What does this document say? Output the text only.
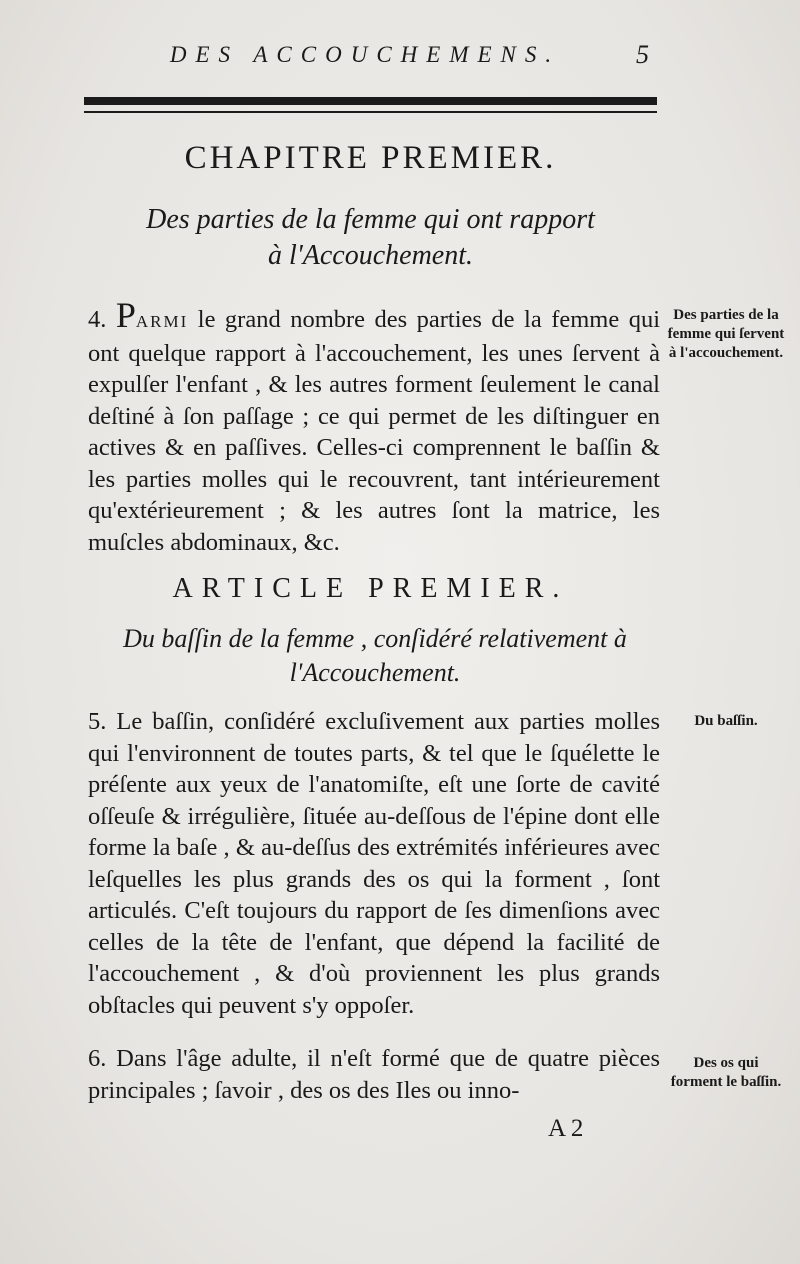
DES ACCOUCHEMENS.	5
CHAPITRE PREMIER.
Des parties de la femme qui ont rapport
à l'Accouchement.
4. PARMI le grand nombre des parties de la femme qui ont quelque rapport à l'accouchement, les unes ſervent à expulſer l'enfant , & les autres forment ſeulement le canal deſtiné à ſon paſſage ; ce qui permet de les diſtinguer en actives & en paſſives. Celles-ci comprennent le baſſin & les parties molles qui le recouvrent, tant intérieurement qu'extérieurement ; & les autres ſont la matrice, les muſcles abdominaux, &c.
ARTICLE PREMIER.
Du baſſin de la femme , conſidéré relativement à
l'Accouchement.
5. Le baſſin, conſidéré excluſivement aux parties molles qui l'environnent de toutes parts, & tel que le ſquélette le préſente aux yeux de l'anatomiſte, eſt une ſorte de cavité oſſeuſe & irrégulière, ſituée au-deſſous de l'épine dont elle forme la baſe , & au-deſſus des extrémités inférieures avec leſquelles les plus grands des os qui la forment , ſont articulés. C'eſt toujours du rapport de ſes dimenſions avec celles de la tête de l'enfant, que dépend la facilité de l'accouchement , & d'où proviennent les plus grands obſtacles qui peuvent s'y oppoſer.
6. Dans l'âge adulte, il n'eſt formé que de quatre pièces principales ; ſavoir , des os des Iles ou inno-
Des parties de la femme qui ſervent à l'accouchement.
Du baſſin.
Des os qui forment le baſſin.
A 2
